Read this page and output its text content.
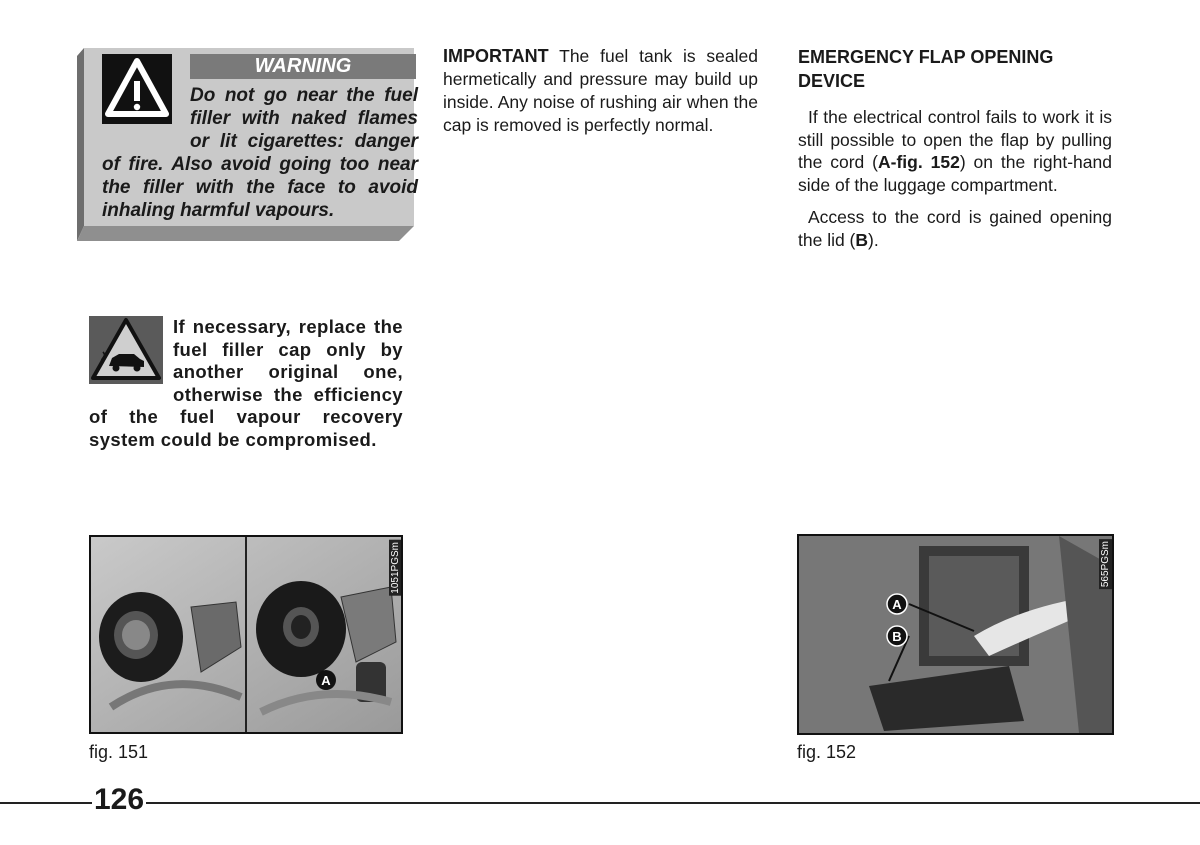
WARNING
Do not go near the fuel filler with naked flames or lit cigarettes: danger of fire. Also avoid going too near the filler with the face to avoid inhaling harmful vapours.
If necessary, replace the fuel filler cap only by another original one, otherwise the efficiency of the fuel vapour recovery system could be compromised.
IMPORTANT The fuel tank is sealed hermetically and pressure may build up inside. Any noise of rushing air when the cap is removed is perfectly normal.
EMERGENCY FLAP OPENING DEVICE
If the electrical control fails to work it is still possible to open the flap by pulling the cord (A-fig. 152) on the right-hand side of the luggage compartment.
Access to the cord is gained opening the lid (B).
A
1051PGSm
fig. 151
A
B
565PGSm
fig. 152
126
